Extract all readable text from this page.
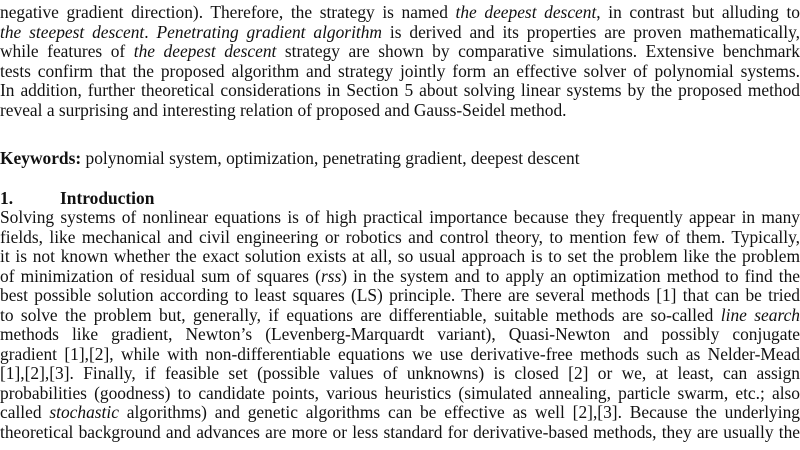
negative gradient direction). Therefore, the strategy is named the deepest descent, in contrast but alluding to
the steepest descent. Penetrating gradient algorithm is derived and its properties are proven mathematically,
while features of the deepest descent strategy are shown by comparative simulations. Extensive benchmark
tests confirm that the proposed algorithm and strategy jointly form an effective solver of polynomial systems.
In addition, further theoretical considerations in Section 5 about solving linear systems by the proposed method
reveal a surprising and interesting relation of proposed and Gauss-Seidel method.
Keywords: polynomial system, optimization, penetrating gradient, deepest descent
1.	Introduction
Solving systems of nonlinear equations is of high practical importance because they frequently appear in many
fields, like mechanical and civil engineering or robotics and control theory, to mention few of them. Typically,
it is not known whether the exact solution exists at all, so usual approach is to set the problem like the problem
of minimization of residual sum of squares (rss) in the system and to apply an optimization method to find the
best possible solution according to least squares (LS) principle. There are several methods [1] that can be tried
to solve the problem but, generally, if equations are differentiable, suitable methods are so-called line search
methods like gradient, Newton’s (Levenberg-Marquardt variant), Quasi-Newton and possibly conjugate
gradient [1],[2], while with non-differentiable equations we use derivative-free methods such as Nelder-Mead
[1],[2],[3]. Finally, if feasible set (possible values of unknowns) is closed [2] or we, at least, can assign
probabilities (goodness) to candidate points, various heuristics (simulated annealing, particle swarm, etc.; also
called stochastic algorithms) and genetic algorithms can be effective as well [2],[3]. Because the underlying
theoretical background and advances are more or less standard for derivative-based methods, they are usually the
